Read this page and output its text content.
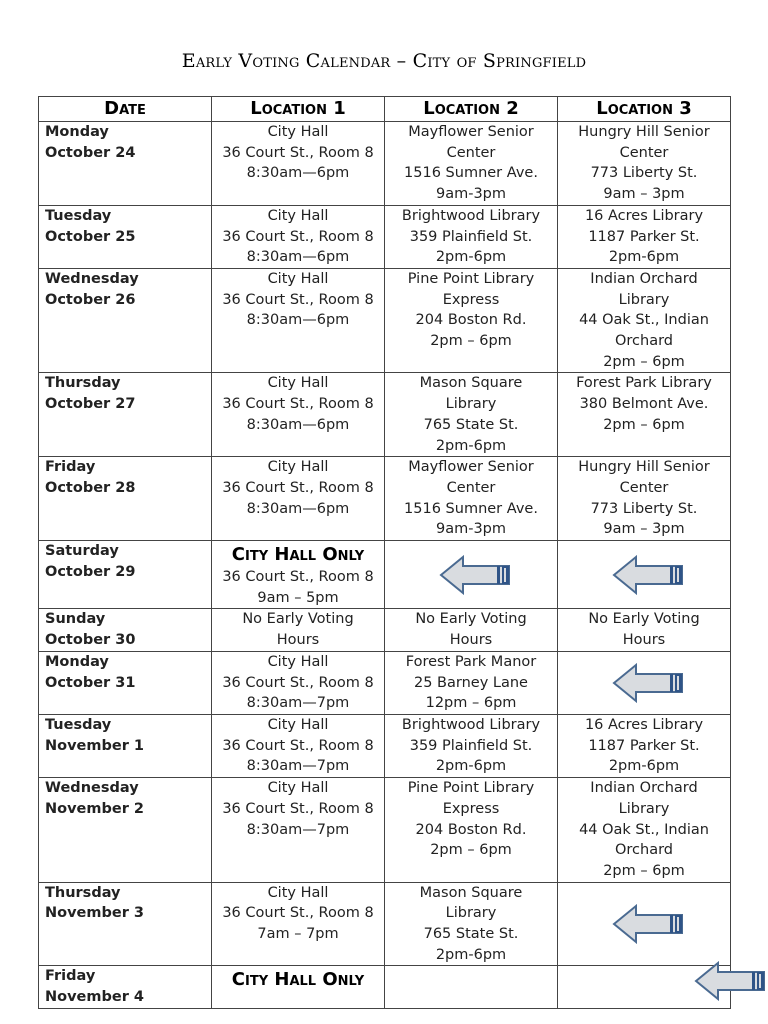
Early Voting Calendar – City of Springfield
Date	Location 1	Location 2	Location 3

Monday
October 24	City Hall
36 Court St., Room 8
8:30am—6pm	Mayflower Senior
Center
1516 Sumner Ave.
9am-3pm	Hungry Hill Senior
Center
773 Liberty St.
9am – 3pm

Tuesday
October 25	City Hall
36 Court St., Room 8
8:30am—6pm	Brightwood Library
359 Plainfield St.
2pm-6pm	16 Acres Library
1187 Parker St.
2pm-6pm

Wednesday
October 26	City Hall
36 Court St., Room 8
8:30am—6pm	Pine Point Library
Express
204 Boston Rd.
2pm – 6pm	Indian Orchard
Library
44 Oak St., Indian
Orchard
2pm – 6pm

Thursday
October 27	City Hall
36 Court St., Room 8
8:30am—6pm	Mason Square
Library
765 State St.
2pm-6pm	Forest Park Library
380 Belmont Ave.
2pm – 6pm

Friday
October 28	City Hall
36 Court St., Room 8
8:30am—6pm	Mayflower Senior
Center
1516 Sumner Ave.
9am-3pm	Hungry Hill Senior
Center
773 Liberty St.
9am – 3pm

Saturday
October 29	City Hall Only
36 Court St., Room 8
9am – 5pm

Sunday
October 30	No Early Voting
Hours	No Early Voting
Hours	No Early Voting
Hours

Monday
October 31	City Hall
36 Court St., Room 8
8:30am—7pm	Forest Park Manor
25 Barney Lane
12pm – 6pm

Tuesday
November 1	City Hall
36 Court St., Room 8
8:30am—7pm	Brightwood Library
359 Plainfield St.
2pm-6pm	16 Acres Library
1187 Parker St.
2pm-6pm

Wednesday
November 2	City Hall
36 Court St., Room 8
8:30am—7pm	Pine Point Library
Express
204 Boston Rd.
2pm – 6pm	Indian Orchard
Library
44 Oak St., Indian
Orchard
2pm – 6pm

Thursday
November 3	City Hall
36 Court St., Room 8
7am – 7pm	Mason Square
Library
765 State St.
2pm-6pm

Friday
November 4	City Hall Only		
